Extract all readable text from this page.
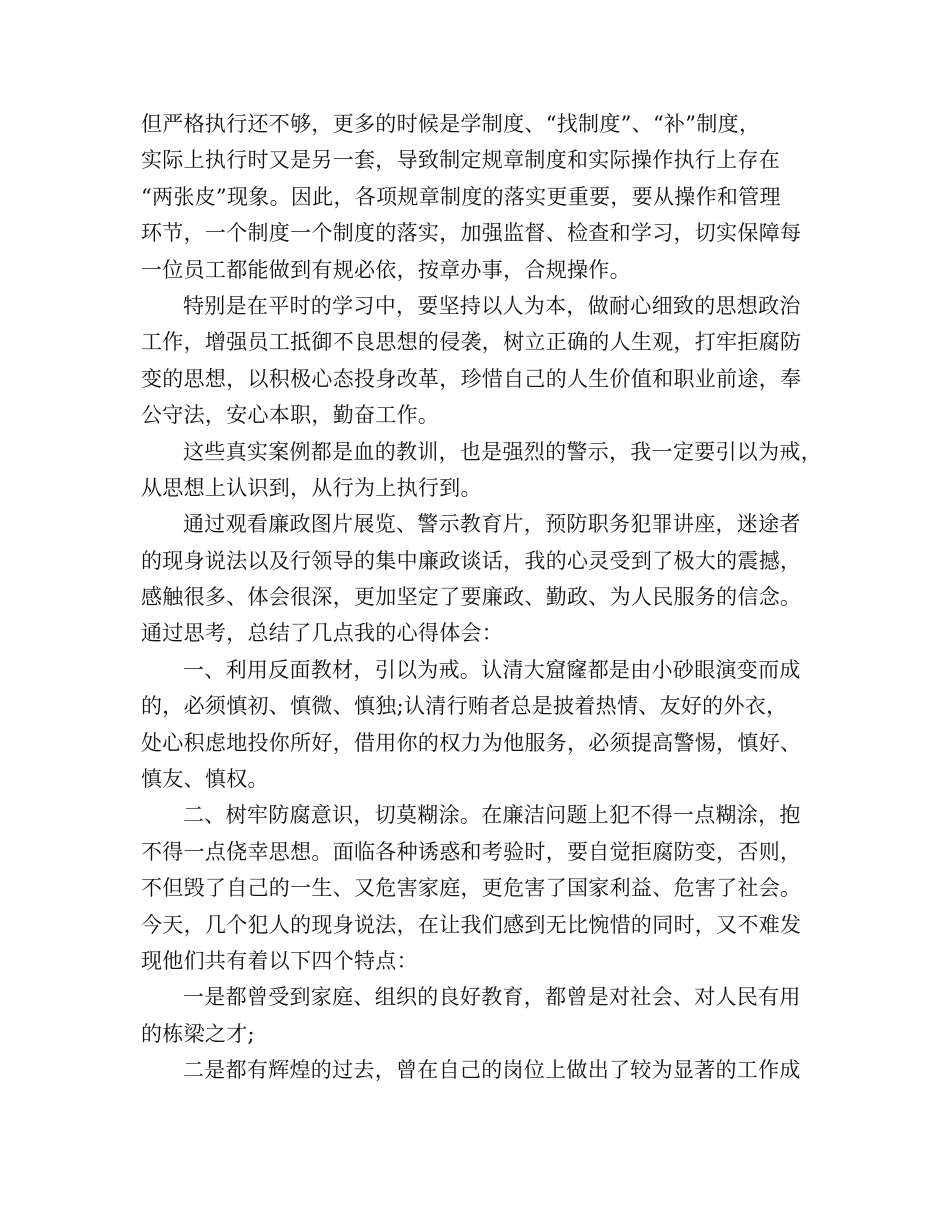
但严格执行还不够，更多的时候是学制度、“找制度”、“补”制度，
实际上执行时又是另一套，导致制定规章制度和实际操作执行上存在
“两张皮”现象。因此，各项规章制度的落实更重要，要从操作和管理
环节，一个制度一个制度的落实，加强监督、检查和学习，切实保障每
一位员工都能做到有规必依，按章办事，合规操作。
特别是在平时的学习中，要坚持以人为本，做耐心细致的思想政治
工作，增强员工抵御不良思想的侵袭，树立正确的人生观，打牢拒腐防
变的思想，以积极心态投身改革，珍惜自己的人生价值和职业前途，奉
公守法，安心本职，勤奋工作。
这些真实案例都是血的教训，也是强烈的警示，我一定要引以为戒，
从思想上认识到，从行为上执行到。
通过观看廉政图片展览、警示教育片，预防职务犯罪讲座，迷途者
的现身说法以及行领导的集中廉政谈话，我的心灵受到了极大的震撼，
感触很多、体会很深，更加坚定了要廉政、勤政、为人民服务的信念。
通过思考，总结了几点我的心得体会：
一、利用反面教材，引以为戒。认清大窟窿都是由小砂眼演变而成
的，必须慎初、慎微、慎独;认清行贿者总是披着热情、友好的外衣，
处心积虑地投你所好，借用你的权力为他服务，必须提高警惕，慎好、
慎友、慎权。
二、树牢防腐意识，切莫糊涂。在廉洁问题上犯不得一点糊涂，抱
不得一点侥幸思想。面临各种诱惑和考验时，要自觉拒腐防变，否则，
不但毁了自己的一生、又危害家庭，更危害了国家利益、危害了社会。
今天，几个犯人的现身说法，在让我们感到无比惋惜的同时，又不难发
现他们共有着以下四个特点：
一是都曾受到家庭、组织的良好教育，都曾是对社会、对人民有用
的栋梁之才;
二是都有辉煌的过去，曾在自己的岗位上做出了较为显著的工作成
